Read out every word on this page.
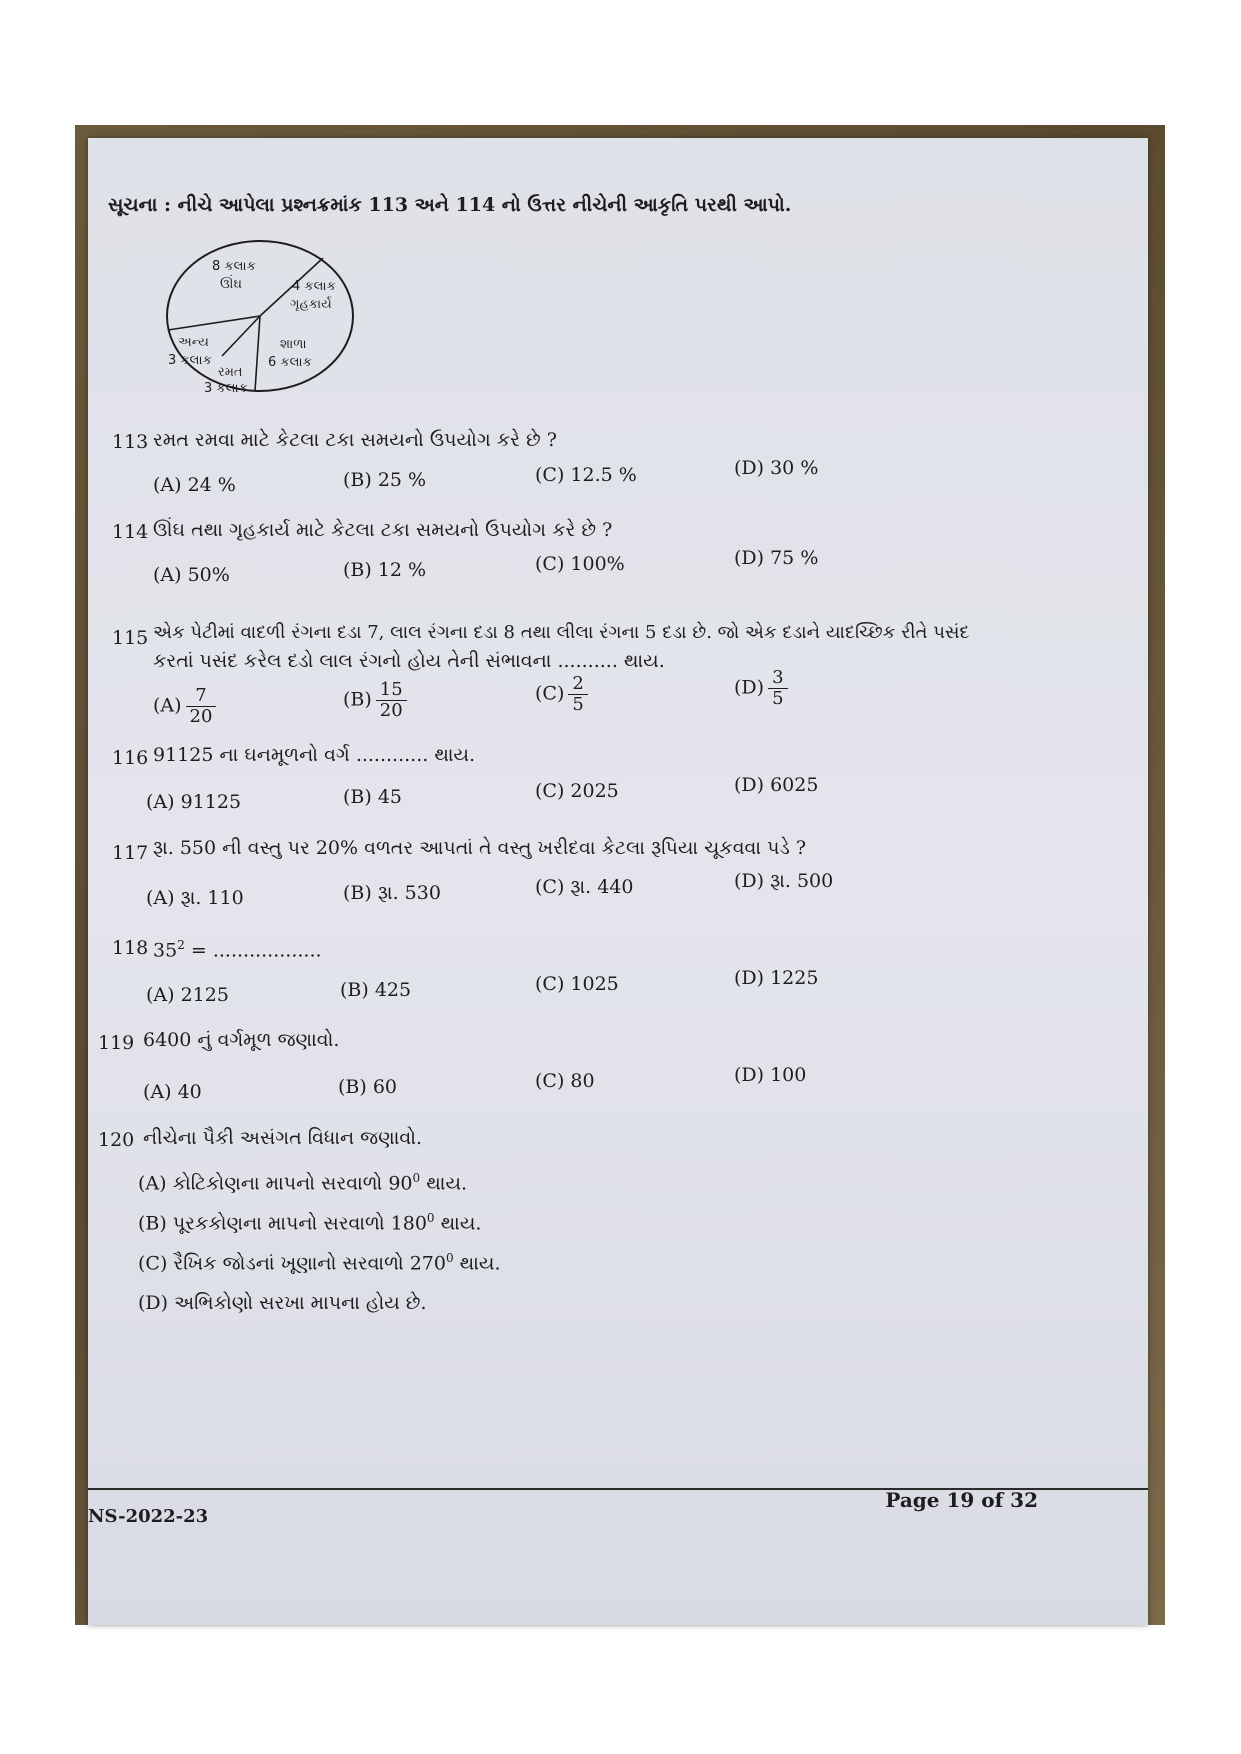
સૂચના : નીચે આપેલા પ્રશ્નક્રમાંક 113 અને 114 નો ઉત્તર નીચેની આકૃતિ પરથી આપો.
8 કલાક
ઊંઘ	4 કલાક
ગૃહકાર્ય
શાળા
6 કલાક
અન્ય
3 કલાક
રમત
3 કલાક
113 રમત રમવા માટે કેટલા ટકા સમયનો ઉપયોગ કરે છે ?
(A) 24 %	(B) 25 %	(C) 12.5 %	(D) 30 %
114 ઊંઘ તથા ગૃહકાર્ય માટે કેટલા ટકા સમયનો ઉપયોગ કરે છે ?
(A) 50%	(B) 12 %	(C) 100%	(D) 75 %
115 એક પેટીમાં વાદળી રંગના દડા 7, લાલ રંગના દડા 8 તથા લીલા રંગના 5 દડા છે. જો એક દડાને યાદચ્છિક રીતે પસંદ
કરતાં પસંદ કરેલ દડો લાલ રંગનો હોય તેની સંભાવના .......... થાય.
$(A) \frac{7}{20}$	$(B) \frac{15}{20}$	$(C) \frac{2}{5}$	$(D) \frac{3}{5}$
116 91125 ના ઘનમૂળનો વર્ગ ............ થાય.
(A) 91125	(B) 45	(C) 2025	(D) 6025
117 રૂા. 550 ની વસ્તુ પર 20% વળતર આપતાં તે વસ્તુ ખરીદવા કેટલા રૂપિયા ચૂકવવા પડે ?
(A) રૂા. 110	(B) રૂા. 530	(C) રૂા. 440	(D) રૂા. 500
118 $35^2$ = ..................
(A) 2125	(B) 425	(C) 1025	(D) 1225
119 6400 નું વર્ગમૂળ જણાવો.
(A) 40	(B) 60	(C) 80	(D) 100
120 નીચેના પૈકી અસંગત વિધાન જણાવો.
(A) કોટિકોણના માપનો સરવાળો $90^0$ થાય.
(B) પૂરકકોણના માપનો સરવાળો $180^0$ થાય.
(C) રૈખિક જોડનાં ખૂણાનો સરવાળો $270^0$ થાય.
(D) અભિકોણો સરખા માપના હોય છે.
NS-2022-23
Page 19 of 32
